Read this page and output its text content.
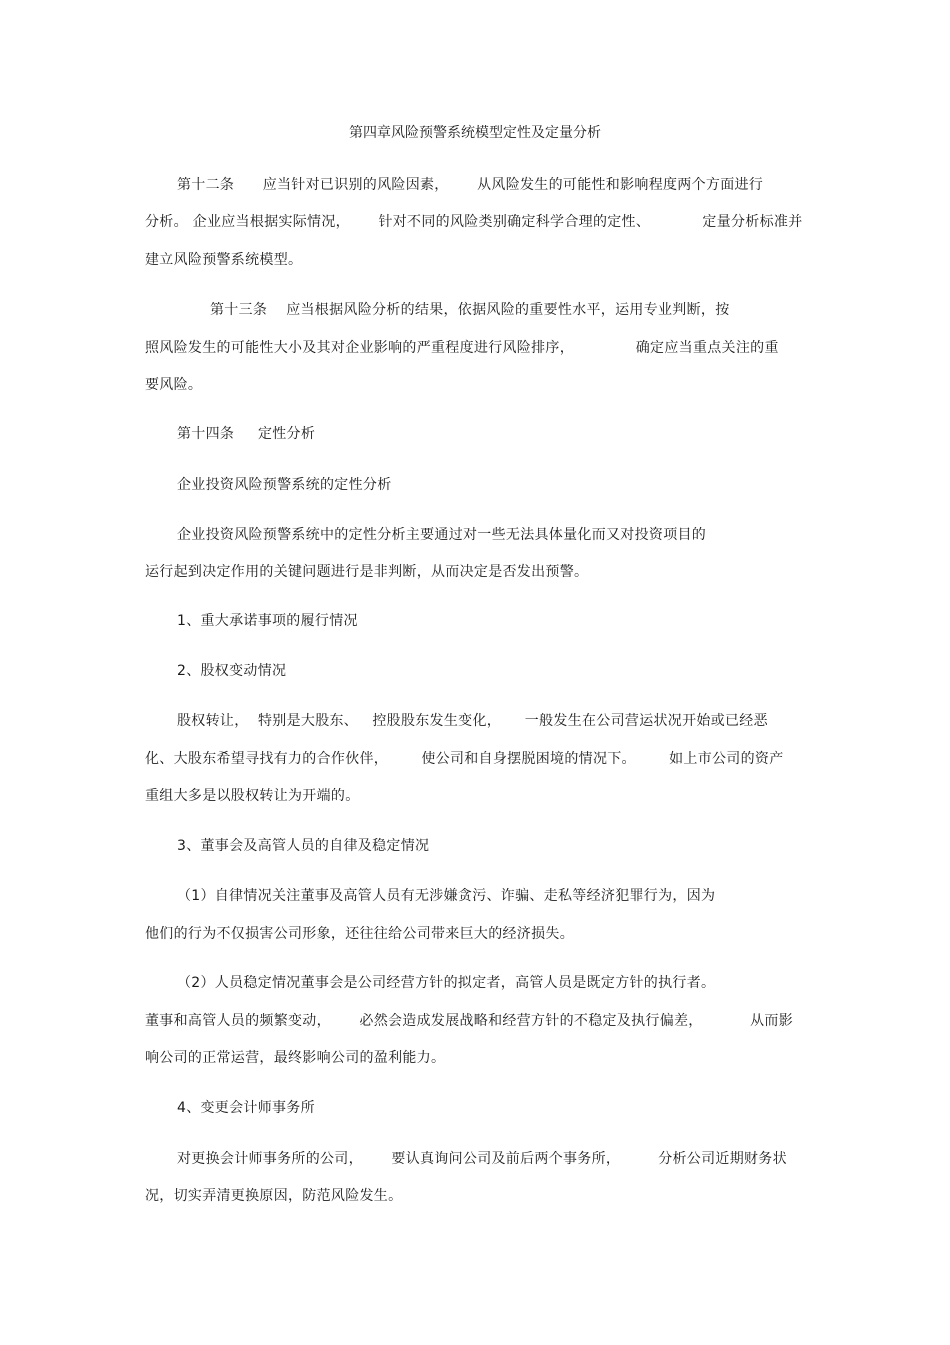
第四章风险预警系统模型定性及定量分析
第十二条      应当针对已识别的风险因素，      从风险发生的可能性和影响程度两个方面进行
分析。 企业应当根据实际情况，      针对不同的风险类别确定科学合理的定性、           定量分析标准并
建立风险预警系统模型。
第十三条    应当根据风险分析的结果，依据风险的重要性水平，运用专业判断，按
照风险发生的可能性大小及其对企业影响的严重程度进行风险排序，             确定应当重点关注的重
要风险。
第十四条     定性分析
企业投资风险预警系统的定性分析
企业投资风险预警系统中的定性分析主要通过对一些无法具体量化而又对投资项目的
运行起到决定作用的关键问题进行是非判断，从而决定是否发出预警。
1、重大承诺事项的履行情况
2、股权变动情况
股权转让，  特别是大股东、   控股股东发生变化，     一般发生在公司营运状况开始或已经恶
化、大股东希望寻找有力的合作伙伴，       使公司和自身摆脱困境的情况下。       如上市公司的资产
重组大多是以股权转让为开端的。
3、董事会及高管人员的自律及稳定情况
（1）自律情况关注董事及高管人员有无涉嫌贪污、诈骗、走私等经济犯罪行为，因为
他们的行为不仅损害公司形象，还往往给公司带来巨大的经济损失。
（2）人员稳定情况董事会是公司经营方针的拟定者，高管人员是既定方针的执行者。
董事和高管人员的频繁变动，      必然会造成发展战略和经营方针的不稳定及执行偏差，          从而影
响公司的正常运营，最终影响公司的盈利能力。
4、变更会计师事务所
对更换会计师事务所的公司，      要认真询问公司及前后两个事务所，        分析公司近期财务状
况，切实弄清更换原因，防范风险发生。
